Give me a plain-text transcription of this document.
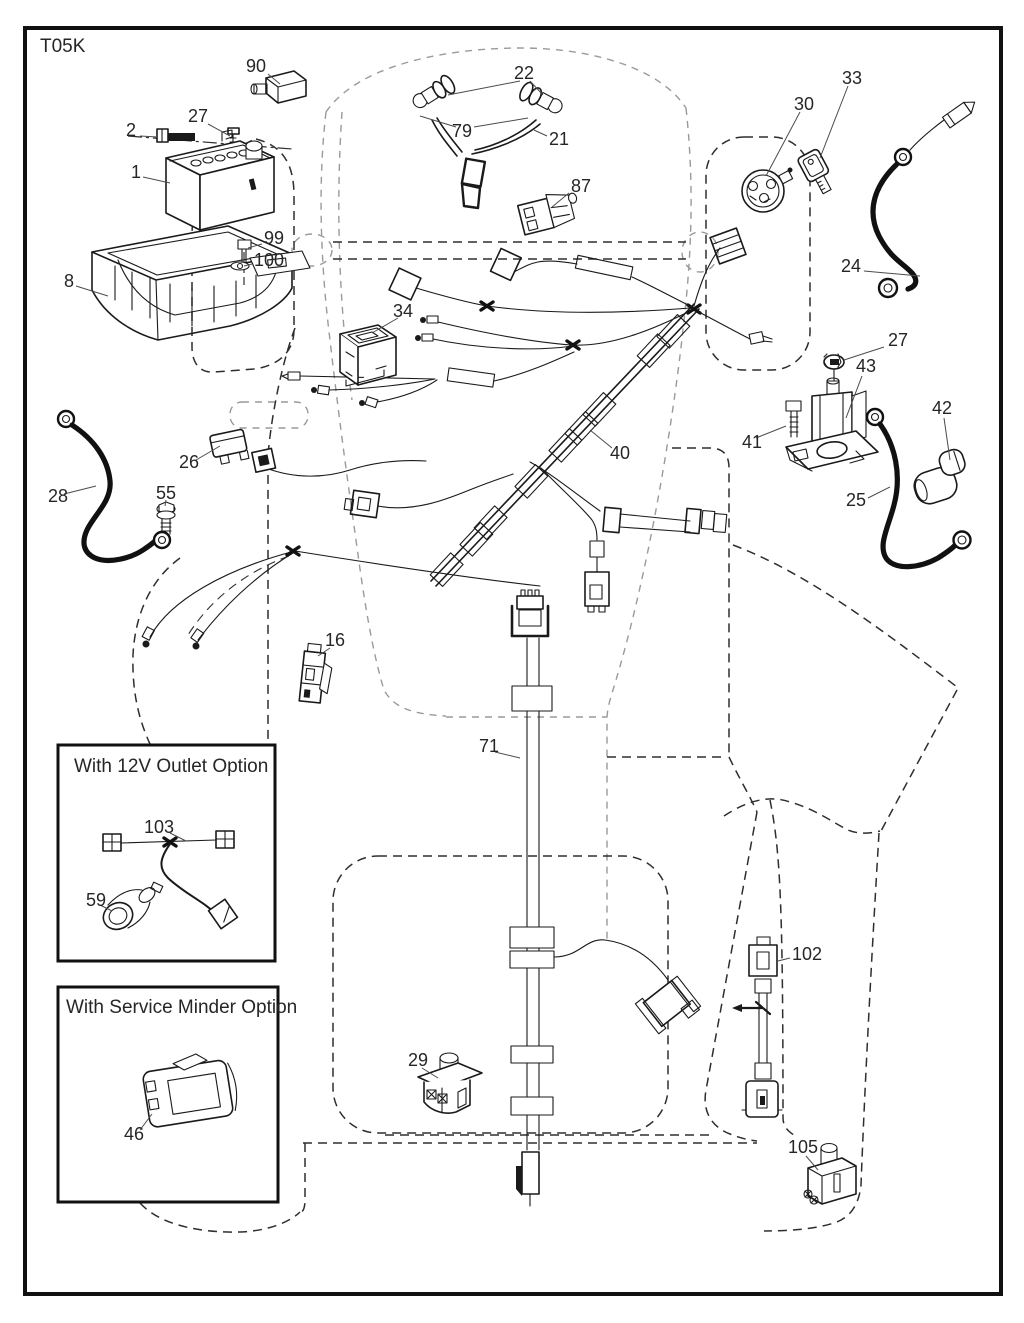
With 12V Outlet Option
With Service Minder Option
T05K
90
2
27
1
8
99
100
22
79	21
87
30
33
24
27
43
41
42
25
34
26
55
28
40
16
71
103
59
46
29
102
105
